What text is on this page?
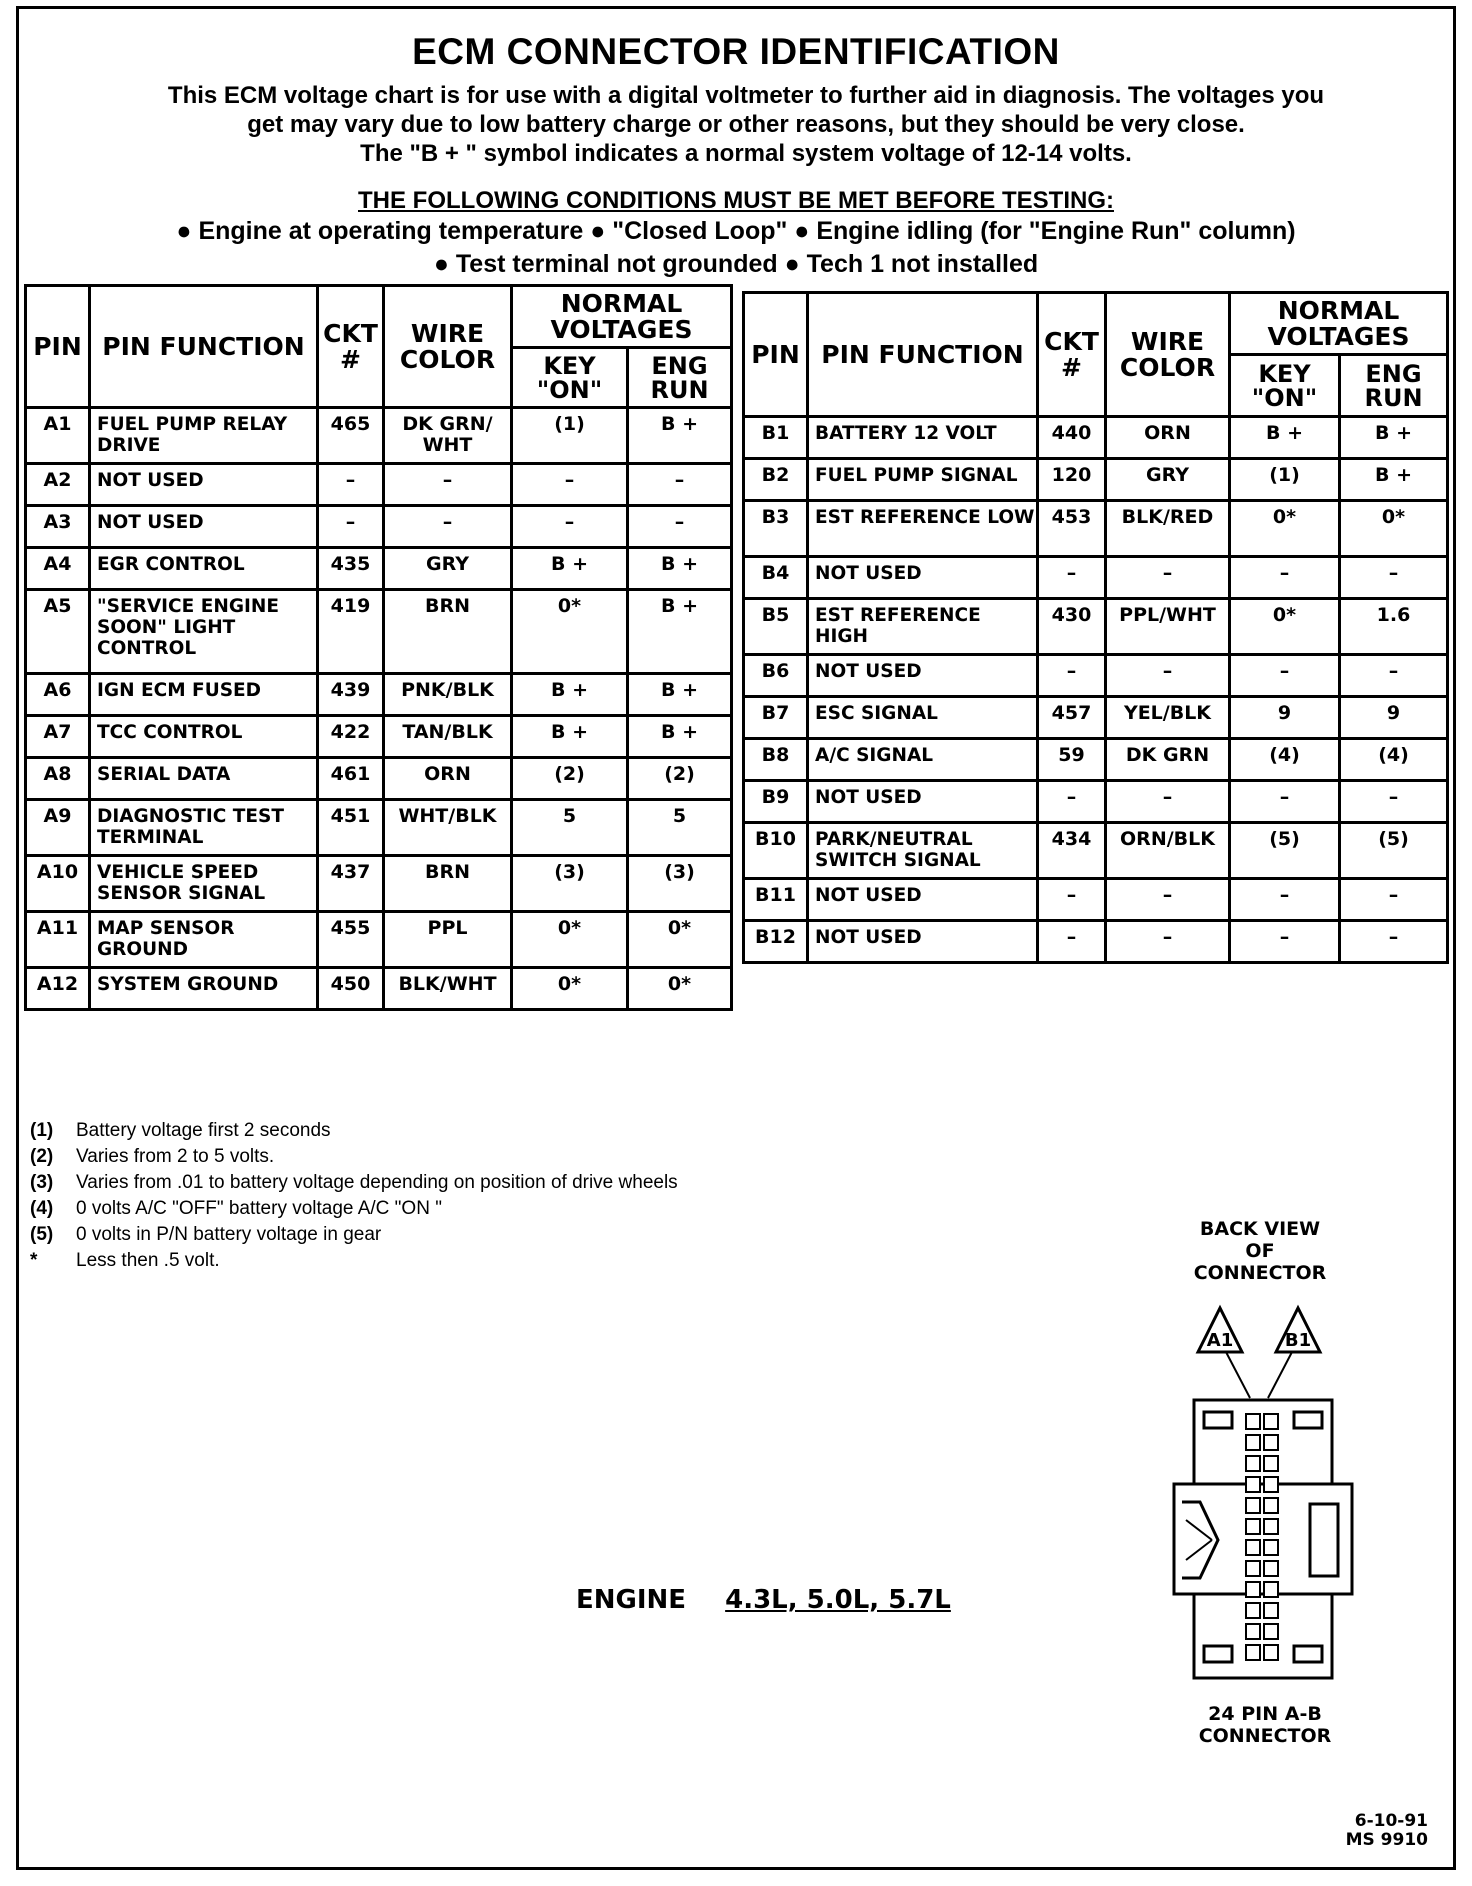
ECM CONNECTOR IDENTIFICATION
This ECM voltage chart is for use with a digital voltmeter to further aid in diagnosis. The voltages you
get may vary due to low battery charge or other reasons, but they should be very close.
The "B + " symbol indicates a normal system voltage of 12-14 volts.
THE FOLLOWING CONDITIONS MUST BE MET BEFORE TESTING:
● Engine at operating temperature ● "Closed Loop" ● Engine idling (for "Engine Run" column)
● Test terminal not grounded ● Tech 1 not installed
PIN	PIN FUNCTION	CKT #	WIRE COLOR	NORMAL VOLTAGES	
				KEY "ON"	ENG RUN
A1	FUEL PUMP RELAY DRIVE	465	DK GRN/ WHT	(1)	B +
A2	NOT USED	–	–	–	–
A3	NOT USED	–	–	–	–
A4	EGR CONTROL	435	GRY	B +	B +
A5	"SERVICE ENGINE SOON" LIGHT CONTROL	419	BRN	0*	B +
A6	IGN ECM FUSED	439	PNK/BLK	B +	B +
A7	TCC CONTROL	422	TAN/BLK	B +	B +
A8	SERIAL DATA	461	ORN	(2)	(2)
A9	DIAGNOSTIC TEST TERMINAL	451	WHT/BLK	5	5
A10	VEHICLE SPEED SENSOR SIGNAL	437	BRN	(3)	(3)
A11	MAP SENSOR GROUND	455	PPL	0*	0*
A12	SYSTEM GROUND	450	BLK/WHT	0*	0*
PIN	PIN FUNCTION	CKT #	WIRE COLOR	NORMAL VOLTAGES	
				KEY "ON"	ENG RUN
B1	BATTERY 12 VOLT	440	ORN	B +	B +
B2	FUEL PUMP SIGNAL	120	GRY	(1)	B +
B3	EST REFERENCE LOW	453	BLK/RED	0*	0*
B4	NOT USED	–	–	–	–
B5	EST REFERENCE HIGH	430	PPL/WHT	0*	1.6
B6	NOT USED	–	–	–	–
B7	ESC SIGNAL	457	YEL/BLK	9	9
B8	A/C SIGNAL	59	DK GRN	(4)	(4)
B9	NOT USED	–	–	–	–
B10	PARK/NEUTRAL SWITCH SIGNAL	434	ORN/BLK	(5)	(5)
B11	NOT USED	–	–	–	–
B12	NOT USED	–	–	–	–
(1)	Battery voltage first 2 seconds
(2)	Varies from 2 to 5 volts.
(3)	Varies from .01 to battery voltage depending on position of drive wheels
(4)	0 volts A/C "OFF" battery voltage A/C "ON "
(5)	0 volts in P/N battery voltage in gear
*	Less then .5 volt.
ENGINE 4.3L, 5.0L, 5.7L
BACK VIEW
OF
CONNECTOR
A1	B1
24 PIN A-B
CONNECTOR
6-10-91
MS 9910
